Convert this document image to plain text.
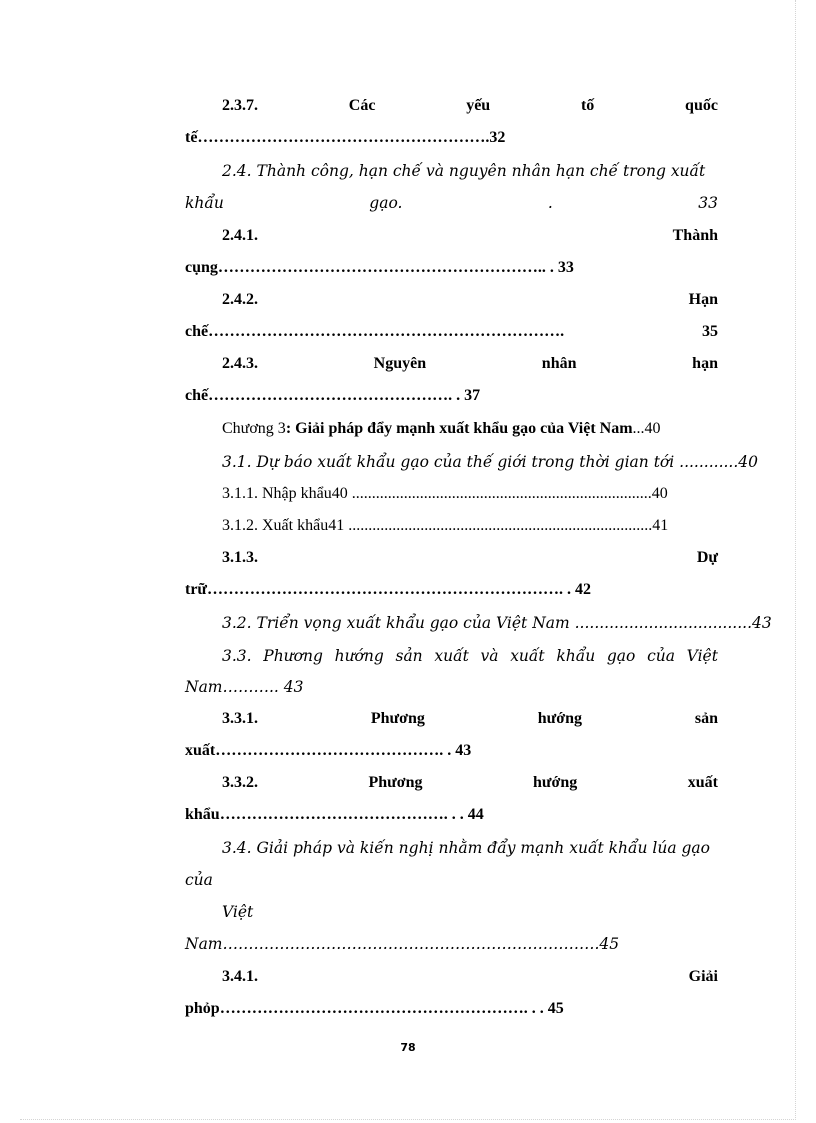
2.3.7.	Các	yếu	tố	quốc
tế……………………………………………….32
2.4. Thành công, hạn chế và nguyên nhân hạn chế trong xuất
khẩu	gạo.	.	33
2.4.1.	Thành
cụng…………………………………………………….. . 33
2.4.2.	Hạn
chế………………………………………………………….	35
2.4.3.	Nguyên	nhân	hạn
chế………………………………………. . 37
Chương 3: Giải pháp đẩy mạnh xuất khẩu gạo của Việt Nam...40
3.1. Dự báo xuất khẩu gạo của thế giới trong thời gian tới ............40
3.1.1. Nhập khẩu40 ...........................................................................40
3.1.2. Xuất khẩu41 ............................................................................41
3.1.3.	Dự
trữ…………………………………………………………. . 42
3.2. Triển vọng xuất khẩu gạo của Việt Nam ....................................43
3.3. Phương hướng sản xuất và xuất khẩu gạo của Việt
Nam……….. 43
3.3.1.	Phương	hướng	sản
xuất……………………………………. . 43
3.3.2.	Phương	hướng	xuất
khẩu……………………………………. . . 44
3.4. Giải pháp và kiến nghị nhằm đẩy mạnh xuất khẩu lúa gạo
của
Việt
Nam……………………………………………………………….45
3.4.1.	Giải
phỏp…………………………………………………. . . 45
78
